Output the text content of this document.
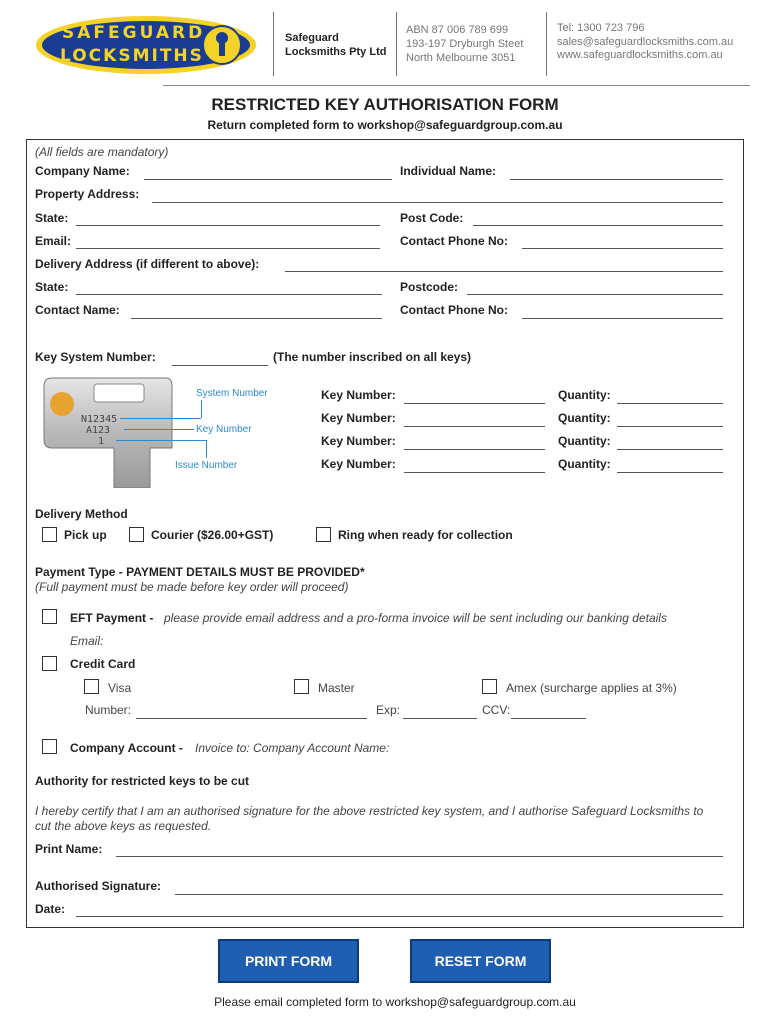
SAFEGUARD
LOCKSMITHS
Safeguard
Locksmiths Pty Ltd
ABN 87 006 789 699
193-197 Dryburgh Steet
North Melbourne 3051
Tel: 1300 723 796
sales@safeguardlocksmiths.com.au
www.safeguardlocksmiths.com.au
RESTRICTED KEY AUTHORISATION FORM
Return completed form to workshop@safeguardgroup.com.au
(All fields are mandatory)
Company Name:	Individual Name:
Property Address:
State:	Post Code:
Email:	Contact Phone No:
Delivery Address (if different to above):
State:	Postcode:
Contact Name:	Contact Phone No:
Key System Number:	(The number inscribed on all keys)
N12345
A123
1
System Number
Key Number
Issue Number
Key Number:	Quantity:
Key Number:	Quantity:
Key Number:	Quantity:
Key Number:	Quantity:
Delivery Method
Pick up	Courier ($26.00+GST)	Ring when ready for collection
Payment Type - PAYMENT DETAILS MUST BE PROVIDED*
(Full payment must be made before key order will proceed)
EFT Payment - please provide email address and a pro-forma invoice will be sent including our banking details
Email:
Credit Card
Visa	Master	Amex (surcharge applies at 3%)
Number:	Exp:	CCV:
Company Account - Invoice to: Company Account Name:
Authority for restricted keys to be cut
I hereby certify that I am an authorised signature for the above restricted key system, and I authorise Safeguard Locksmiths to
cut the above keys as requested.
Print Name:
Authorised Signature:
Date:
PRINT FORM	RESET FORM
Please email completed form to workshop@safeguardgroup.com.au
